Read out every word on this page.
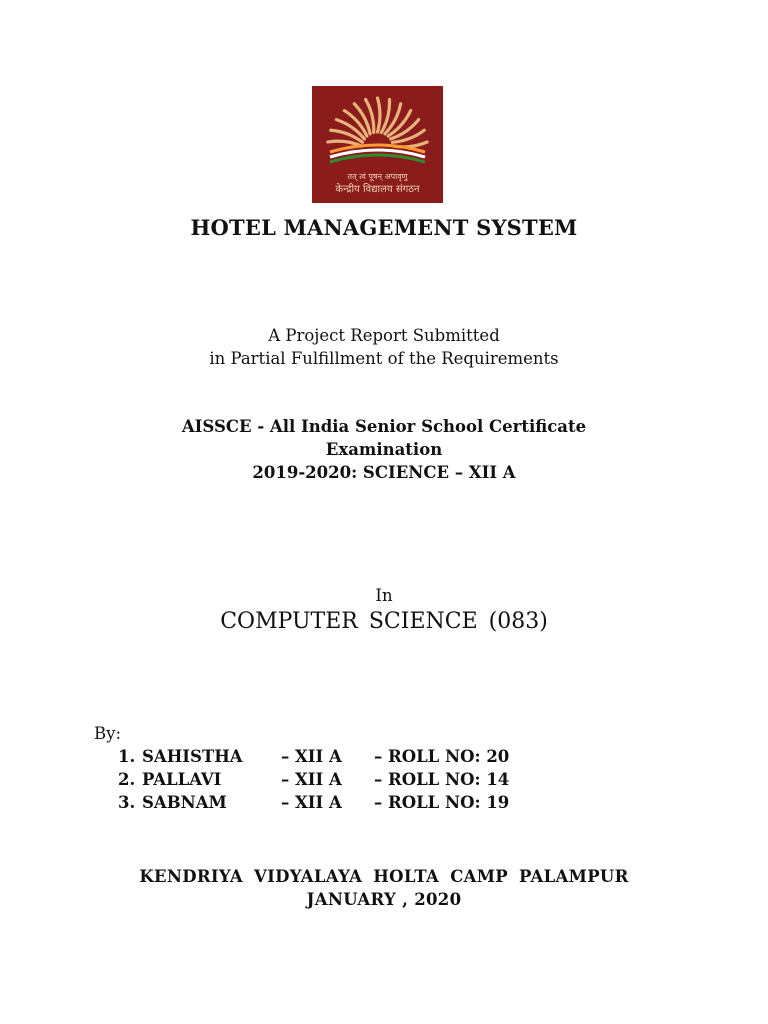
तत् त्वं पूषन् अपावृणु
केन्द्रीय विद्यालय संगठन
HOTEL MANAGEMENT SYSTEM
A Project Report Submitted
in Partial Fulfillment of the Requirements
AISSCE - All India Senior School Certificate
Examination
2019-2020: SCIENCE – XII A
In
COMPUTER SCIENCE (083)
By:
1. SAHISTHA – XII A – ROLL NO: 20
2. PALLAVI	– XII A – ROLL NO: 14
3. SABNAM	– XII A – ROLL NO: 19
KENDRIYA VIDYALAYA HOLTA CAMP PALAMPUR
JANUARY , 2020
